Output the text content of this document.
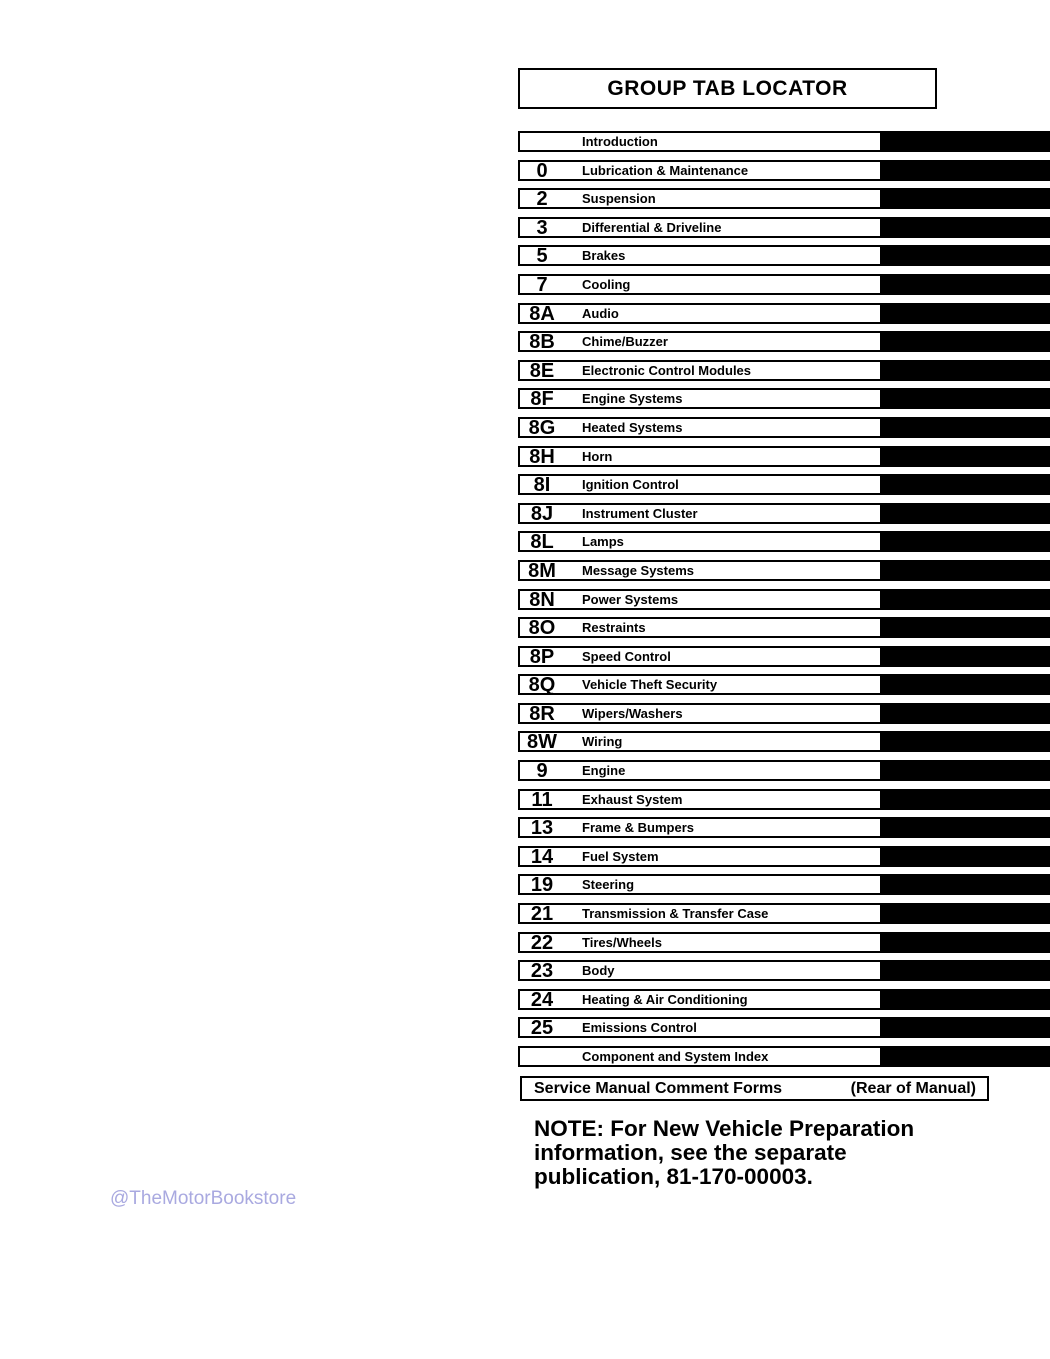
GROUP TAB LOCATOR
Introduction
0	Lubrication & Maintenance
2	Suspension
3	Differential & Driveline
5	Brakes
7	Cooling
8A	Audio
8B	Chime/Buzzer
8E	Electronic Control Modules
8F	Engine Systems
8G	Heated Systems
8H	Horn
8I	Ignition Control
8J	Instrument Cluster
8L	Lamps
8M	Message Systems
8N	Power Systems
8O	Restraints
8P	Speed Control
8Q	Vehicle Theft Security
8R	Wipers/Washers
8W	Wiring
9	Engine
11	Exhaust System
13	Frame & Bumpers
14	Fuel System
19	Steering
21	Transmission & Transfer Case
22	Tires/Wheels
23	Body
24	Heating & Air Conditioning
25	Emissions Control
Component and System Index
Service Manual Comment Forms	(Rear of Manual)
NOTE: For New Vehicle Preparation information, see the separate publication, 81-170-00003.
@TheMotorBookstore
